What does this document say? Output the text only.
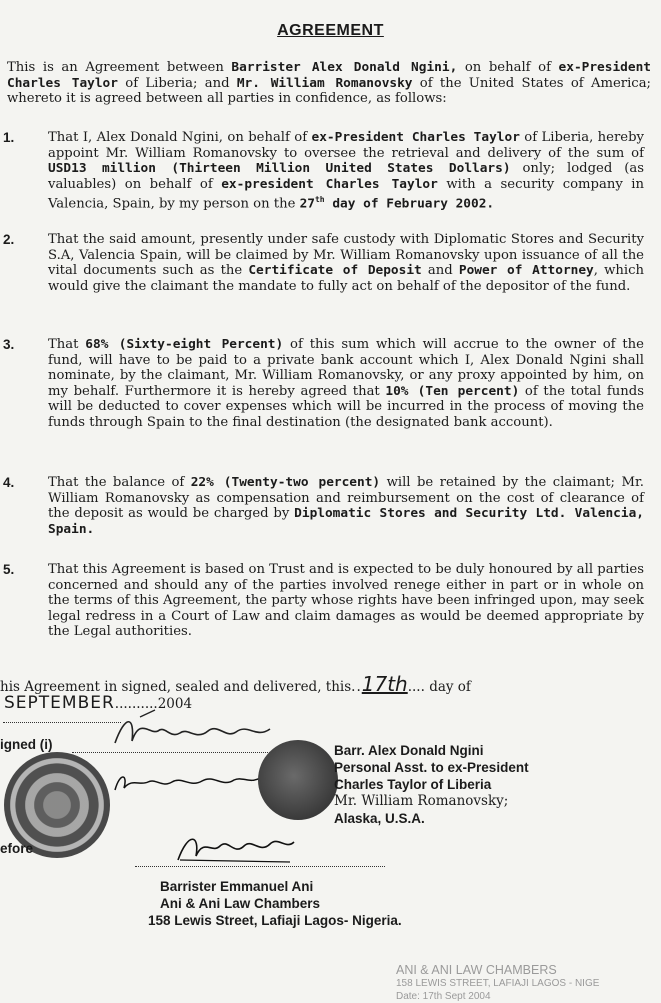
AGREEMENT

This is an Agreement between Barrister Alex Donald Ngini, on behalf of ex-President Charles Taylor of Liberia; and Mr. William Romanovsky of the United States of America; whereto it is agreed between all parties in confidence, as follows:

1.	That I, Alex Donald Ngini, on behalf of ex-President Charles Taylor of Liberia, hereby appoint Mr. William Romanovsky to oversee the retrieval and delivery of the sum of USD13 million (Thirteen Million United States Dollars) only; lodged (as valuables) on behalf of ex-president Charles Taylor with a security company in Valencia, Spain, by my person on the 27th day of February 2002.

2.	That the said amount, presently under safe custody with Diplomatic Stores and Security S.A, Valencia Spain, will be claimed by Mr. William Romanovsky upon issuance of all the vital documents such as the Certificate of Deposit and Power of Attorney, which would give the claimant the mandate to fully act on behalf of the depositor of the fund.

3.	That 68% (Sixty-eight Percent) of this sum which will accrue to the owner of the fund, will have to be paid to a private bank account which I, Alex Donald Ngini shall nominate, by the claimant, Mr. William Romanovsky, or any proxy appointed by him, on my behalf. Furthermore it is hereby agreed that 10% (Ten percent) of the total funds will be deducted to cover expenses which will be incurred in the process of moving the funds through Spain to the final destination (the designated bank account).

4.	That the balance of 22% (Twenty-two percent) will be retained by the claimant; Mr. William Romanovsky as compensation and reimbursement on the cost of clearance of the deposit as would be charged by Diplomatic Stores and Security Ltd. Valencia, Spain.

5.	That this Agreement is based on Trust and is expected to be duly honoured by all parties concerned and should any of the parties involved renege either in part or in whole on the terms of this Agreement, the party whose rights have been infringed upon, may seek legal redress in a Court of Law and claim damages as would be deemed appropriate by the Legal authorities.

his Agreement in signed, sealed and delivered, this..17th.... day of
SEPTEMBER..........2004
igned (i)	Barr. Alex Donald Ngini
Personal Asst. to ex-President
Charles Taylor of Liberia
Mr. William Romanovsky;
Alaska, U.S.A.
efore
Barrister Emmanuel Ani
Ani & Ani Law Chambers
158 Lewis Street, Lafiaji Lagos- Nigeria.
ANI & ANI LAW CHAMBERS
158 LEWIS STREET, LAFIAJI LAGOS - NIGE
Date: 17th Sept 2004
